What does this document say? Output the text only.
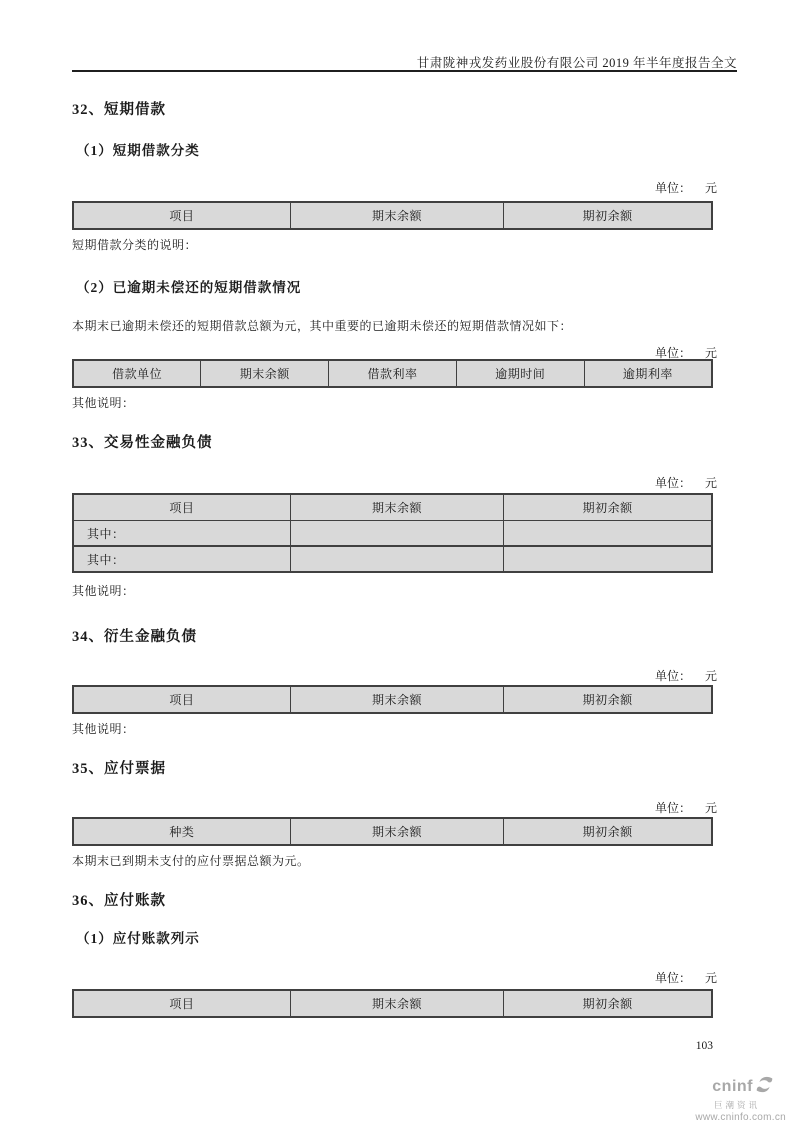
甘肃陇神戎发药业股份有限公司 2019 年半年度报告全文
32、短期借款
（1）短期借款分类
单位： 元
项目	期末余额	期初余额
短期借款分类的说明：
（2）已逾期未偿还的短期借款情况
本期末已逾期未偿还的短期借款总额为元，其中重要的已逾期未偿还的短期借款情况如下：
单位： 元
借款单位	期末余额	借款利率	逾期时间	逾期利率
其他说明：
33、交易性金融负债
单位： 元
项目	期末余额	期初余额
其中：		
其中：		
其他说明：
34、衍生金融负债
单位： 元
项目	期末余额	期初余额
其他说明：
35、应付票据
单位： 元
种类	期末余额	期初余额
本期末已到期未支付的应付票据总额为元。
36、应付账款
（1）应付账款列示
单位： 元
项目	期末余额	期初余额
103
cninf
巨潮资讯
www.cninfo.com.cn
